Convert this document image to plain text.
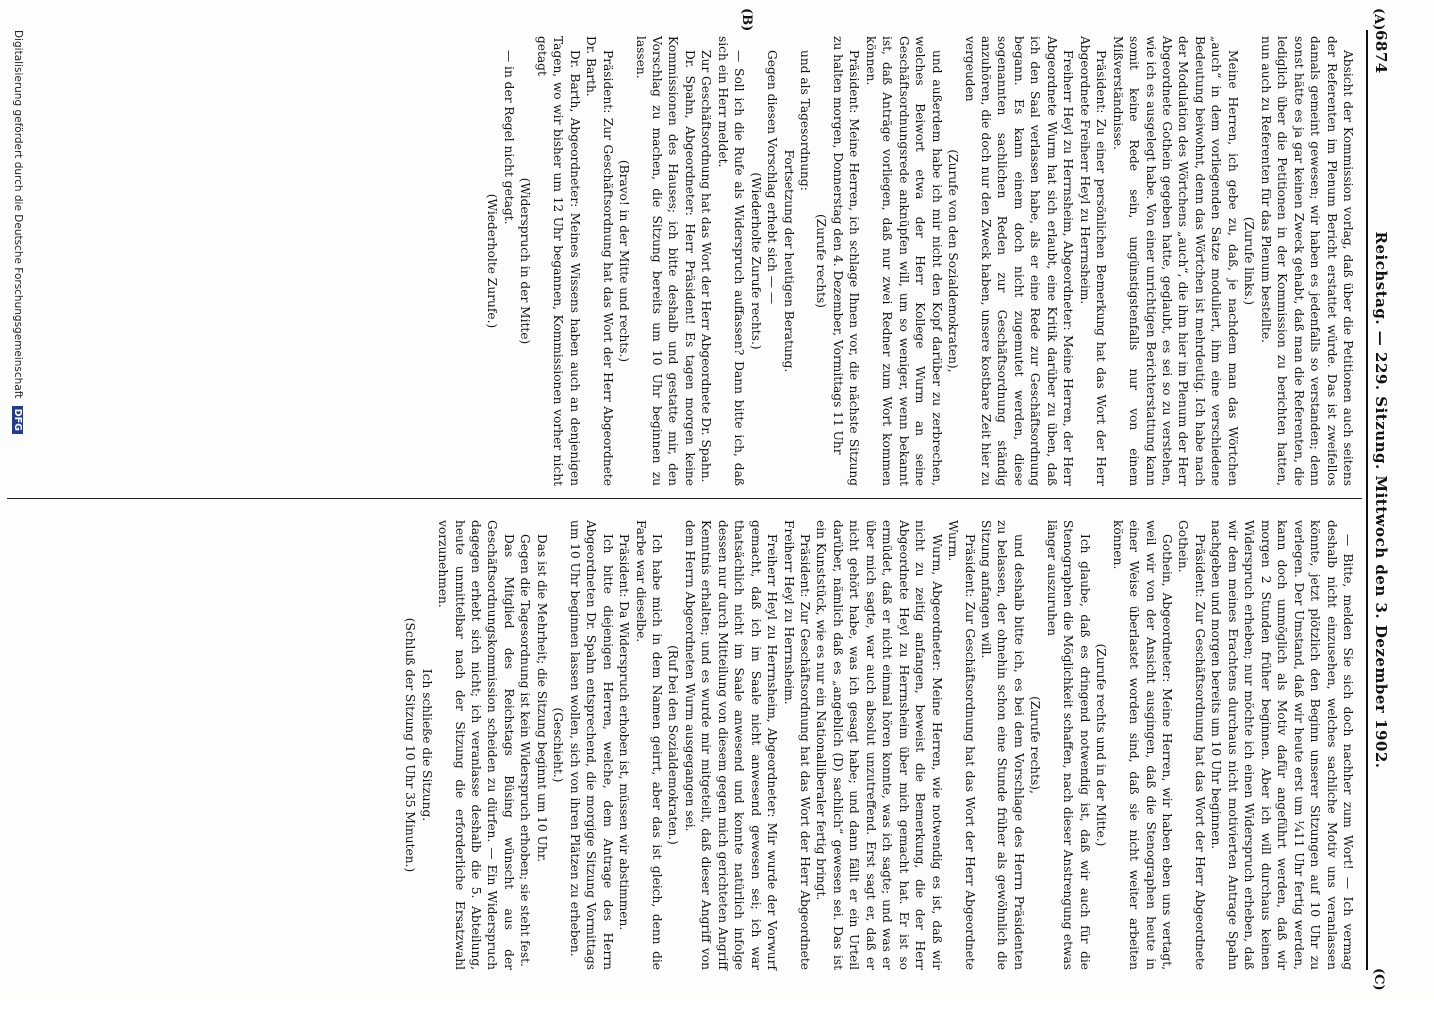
6874
Reichstag. — 229. Sitzung. Mittwoch den 3. Dezember 1902.
(A)
(B)
(C)

Absicht der Kommission vorlag, daß über die Petitionen auch seitens der Referenten im Plenum Bericht erstattet würde. Das ist zweifellos damals gemeint gewesen; wir haben es jedenfalls so verstanden; denn sonst hätte es ja gar keinen Zweck gehabt, daß man die Referenten, die lediglich über die Petitionen in der Kommission zu berichten hatten, nun auch zu Referenten für das Plenum bestellte.

(Zurufe links.)

Meine Herren, ich gebe zu, daß, je nachdem man das Wörtchen „auch“ in dem vorliegenden Satze moduliert, ihm eine verschiedene Bedeutung beiwohnt, denn das Wörtchen ist mehrdeutig. Ich habe nach der Modulation des Wörtchens „auch“, die ihm hier im Plenum der Herr Abgeordnete Gothein gegeben hatte, geglaubt, es sei so zu verstehen, wie ich es ausgelegt habe. Von einer unrichtigen Berichterstattung kann somit keine Rede sein, ungünstigstenfalls nur von einem Mißverständnisse.

Präsident: Zu einer persönlichen Bemerkung hat das Wort der Herr Abgeordnete Freiherr Heyl zu Herrnsheim.

Freiherr Heyl zu Herrnsheim, Abgeordneter: Meine Herren, der Herr Abgeordnete Wurm hat sich erlaubt, eine Kritik darüber zu üben, daß ich den Saal verlassen habe, als er eine Rede zur Geschäftsordnung begann. Es kann einem doch nicht zugemutet werden, diese sogenannten sachlichen Reden zur Geschäftsordnung ständig anzuhören, die doch nur den Zweck haben, unsere kostbare Zeit hier zu vergeuden

(Zurufe von den Sozialdemokraten),

und außerdem habe ich mir nicht den Kopf darüber zu zerbrechen, welches Beiwort etwa der Herr Kollege Wurm an seine Geschäftsordnungsrede anknüpfen will, um so weniger, wenn bekannt ist, daß Anträge vorliegen, daß nur zwei Redner zum Wort kommen können.

Präsident: Meine Herren, ich schlage Ihnen vor, die nächste Sitzung zu halten morgen, Donnerstag den 4. Dezember, Vormittags 11 Uhr

(Zurufe rechts)

und als Tagesordnung:

Fortsetzung der heutigen Beratung.

Gegen diesen Vorschlag erhebt sich — —

(Wiederholte Zurufe rechts.)

— Soll ich die Rufe als Widerspruch auffassen? Dann bitte ich, daß sich ein Herr meldet.

Zur Geschäftsordnung hat das Wort der Herr Abgeordnete Dr. Spahn.

Dr. Spahn, Abgeordneter: Herr Präsident! Es tagen morgen keine Kommissionen des Hauses; ich bitte deshalb und gestatte mir, den Vorschlag zu machen, die Sitzung bereits um 10 Uhr beginnen zu lassen.

(Bravo! in der Mitte und rechts.)

Präsident: Zur Geschäftsordnung hat das Wort der Herr Abgeordnete Dr. Barth.

Dr. Barth, Abgeordneter: Meines Wissens haben auch an denjenigen Tagen, wo wir bisher um 12 Uhr begannen, Kommissionen vorher nicht getagt

(Widerspruch in der Mitte)

— in der Regel nicht getagt.

(Wiederholte Zurufe.)

— Bitte, melden Sie sich doch nachher zum Wort! — Ich vermag deshalb nicht einzusehen, welches sachliche Motiv uns veranlassen könnte, jetzt plötzlich den Beginn unserer Sitzungen auf 10 Uhr zu verlegen. Der Umstand, daß wir heute erst um ¼11 Uhr fertig werden, kann doch unmöglich als Motiv dafür angeführt werden, daß wir morgen 2 Stunden früher beginnen. Aber ich will durchaus keinen Widerspruch erheben; nur möchte ich einen Widerspruch erheben, daß wir dem meines Erachtens durchaus nicht motivierten Antrage Spahn nachgeben und morgen bereits um 10 Uhr beginnen.

Präsident: Zur Geschäftsordnung hat das Wort der Herr Abgeordnete Gothein.

Gothein, Abgeordneter: Meine Herren, wir haben eben uns vertagt, weil wir von der Ansicht ausgingen, daß die Stenographen heute in einer Weise überlastet worden sind, daß sie nicht weiter arbeiten können.

(Zurufe rechts und in der Mitte.)

Ich glaube, daß es dringend notwendig ist, daß wir auch für die Stenographen die Möglichkeit schaffen, nach dieser Anstrengung etwas länger auszuruhen

(Zurufe rechts),

und deshalb bitte ich, es bei dem Vorschlage des Herrn Präsidenten zu belassen, der ohnehin schon eine Stunde früher als gewöhnlich die Sitzung anfangen will.

Präsident: Zur Geschäftsordnung hat das Wort der Herr Abgeordnete Wurm.

Wurm, Abgeordneter: Meine Herren, wie notwendig es ist, daß wir nicht zu zeitig anfangen, beweist die Bemerkung, die der Herr Abgeordnete Heyl zu Herrnsheim über mich gemacht hat. Er ist so ermüdet, daß er nicht einmal hören konnte, was ich sagte; und was er über mich sagte, war auch absolut unzutreffend. Erst sagt er, daß er nicht gehört habe, was ich gesagt habe; und dann fällt er ein Urteil darüber, nämlich daß es „angeblich (D) sachlich“ gewesen sei. Das ist ein Kunststück, wie es nur ein Nationalliberaler fertig bringt.

Präsident: Zur Geschäftsordnung hat das Wort der Herr Abgeordnete Freiherr Heyl zu Herrnsheim.

Freiherr Heyl zu Herrnsheim, Abgeordneter: Mir wurde der Vorwurf gemacht, daß ich im Saale nicht anwesend gewesen sei; ich war thatsächlich nicht im Saale anwesend und konnte natürlich infolge dessen nur durch Mitteilung von diesem gegen mich gerichteten Angriff Kenntnis erhalten; und es wurde mir mitgeteilt, daß dieser Angriff von dem Herrn Abgeordneten Wurm ausgegangen sei.

(Ruf bei den Sozialdemokraten.)

Ich habe mich in dem Namen geirrt, aber das ist gleich, denn die Farbe war dieselbe.

Präsident: Da Widerspruch erhoben ist, müssen wir abstimmen.

Ich bitte diejenigen Herren, welche, dem Antrage des Herrn Abgeordneten Dr. Spahn entsprechend, die morgige Sitzung Vormittags um 10 Uhr beginnen lassen wollen, sich von ihren Plätzen zu erheben.

(Geschieht.)

Das ist die Mehrheit; die Sitzung beginnt um 10 Uhr.

Gegen die Tagesordnung ist kein Widerspruch erhoben; sie steht fest.

Das Mitglied des Reichstags Büsing wünscht aus der Geschäftsordnungskommission scheiden zu dürfen. — Ein Widerspruch dagegen erhebt sich nicht; ich veranlasse deshalb die 5. Abteilung, heute unmittelbar nach der Sitzung die erforderliche Ersatzwahl vorzunehmen.

Ich schließe die Sitzung.

(Schluß der Sitzung 10 Uhr 35 Minuten.)

Digitalisierung gefördert durch die Deutsche Forschungsgemeinschaft DFG
